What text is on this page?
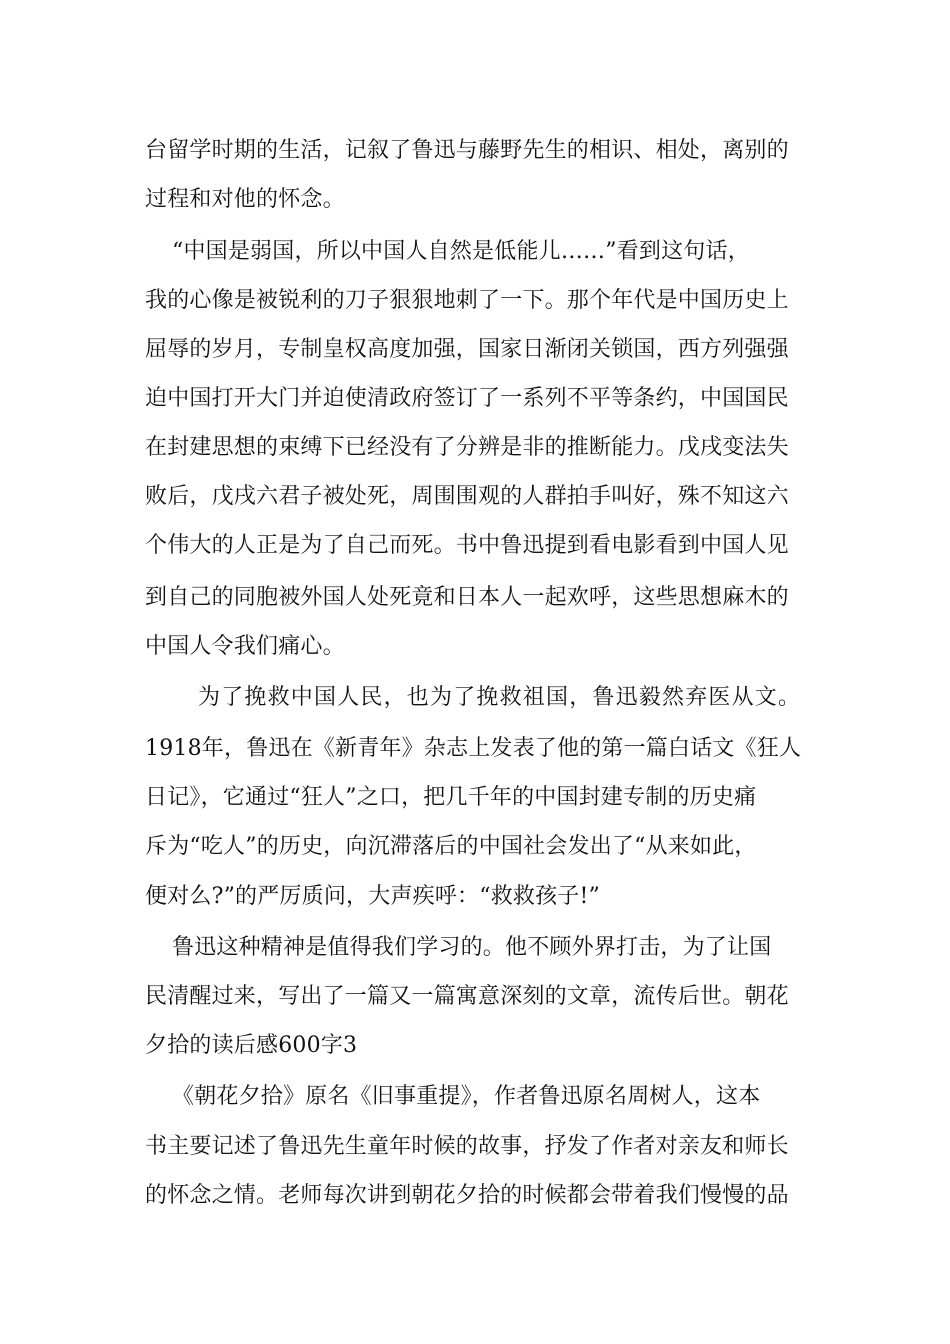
台留学时期的生活，记叙了鲁迅与藤野先生的相识、相处，离别的
过程和对他的怀念。
“中国是弱国，所以中国人自然是低能儿……”看到这句话，
我的心像是被锐利的刀子狠狠地刺了一下。那个年代是中国历史上
屈辱的岁月，专制皇权高度加强，国家日渐闭关锁国，西方列强强
迫中国打开大门并迫使清政府签订了一系列不平等条约，中国国民
在封建思想的束缚下已经没有了分辨是非的推断能力。戊戌变法失
败后，戊戌六君子被处死，周围围观的人群拍手叫好，殊不知这六
个伟大的人正是为了自己而死。书中鲁迅提到看电影看到中国人见
到自己的同胞被外国人处死竟和日本人一起欢呼，这些思想麻木的
中国人令我们痛心。
为了挽救中国人民，也为了挽救祖国，鲁迅毅然弃医从文。
1918年，鲁迅在《新青年》杂志上发表了他的第一篇白话文《狂人
日记》，它通过“狂人”之口，把几千年的中国封建专制的历史痛
斥为“吃人”的历史，向沉滞落后的中国社会发出了“从来如此，
便对么?”的严厉质问，大声疾呼：“救救孩子!”
鲁迅这种精神是值得我们学习的。他不顾外界打击，为了让国
民清醒过来，写出了一篇又一篇寓意深刻的文章，流传后世。朝花
夕拾的读后感600字3
《朝花夕拾》原名《旧事重提》，作者鲁迅原名周树人，这本
书主要记述了鲁迅先生童年时候的故事，抒发了作者对亲友和师长
的怀念之情。老师每次讲到朝花夕拾的时候都会带着我们慢慢的品
